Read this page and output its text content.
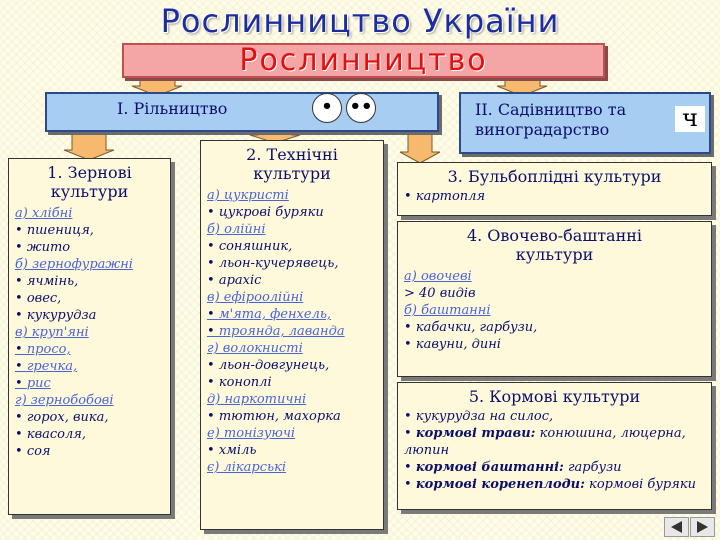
Рослинництво України
Рослинництво
I. Рільництво	• ••	II. Садівництво та
виноградарство	ч
1. Зернові
культури
а) хлібні
• пшениця,
• жито
б) зернофуражні
• ячмінь,
• овес,
• кукурудза
в) круп'яні
• просо,
• гречка,
• рис
г) зернобобові
• горох, вика,
• квасоля,
• соя
2. Технічні
культури
а) цукристі
• цукрові буряки
б) олійні
• соняшник,
• льон-кучерявець,
• арахіс
в) ефіроолійні
• м'ята, фенхель,
• троянда, лаванда
г) волокнисті
• льон-довгунець,
• коноплі
д) наркотичні
• тютюн, махорка
е) тонізуючі
• хміль
є) лікарські
3. Бульбоплідні культури
• картопля
4. Овочево-баштанні
культури
а) овочеві
> 40 видів
б) баштанні
• кабачки, гарбузи,
• кавуни, дині
5. Кормові культури
• кукурудза на силос,
• кормові трави: конюшина, люцерна, люпин
• кормові баштанні: гарбузи
• кормові коренеплоди: кормові буряки
